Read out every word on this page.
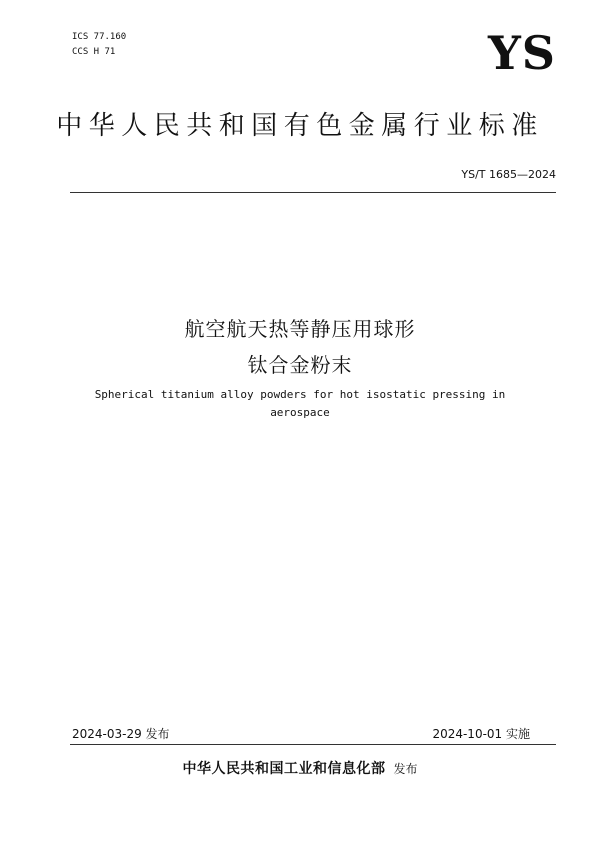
ICS 77.160
CCS H 71	YS
中华人民共和国有色金属行业标准
YS/T 1685—2024
航空航天热等静压用球形
钛合金粉末
Spherical titanium alloy powders for hot isostatic pressing in
aerospace
2024-03-29 发布	2024-10-01 实施
中华人民共和国工业和信息化部 发布
